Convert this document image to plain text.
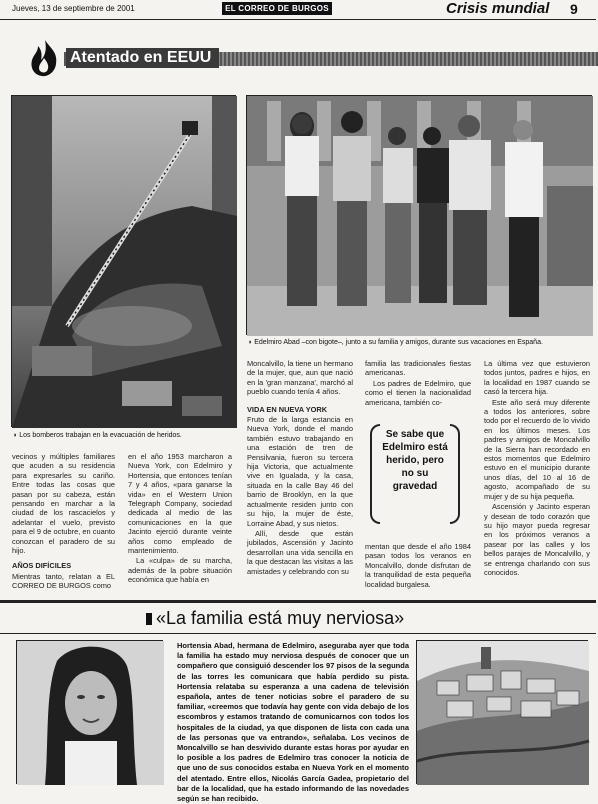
Jueves, 13 de septiembre de 2001	EL CORREO DE BURGOS	Crisis mundial 9
Atentado en EEUU
◗ Los bomberos trabajan en la evacuación de heridos.
◗ Edelmiro Abad –con bigote–, junto a su familia y amigos, durante sus vacaciones en España.

vecinos y múltiples familiares que acuden a su residencia para expresarles su cariño. Entre todas las cosas que pasan por su cabeza, están pensando en marchar a la ciudad de los rascacielos y adelantar el vuelo, previsto para el 9 de octubre, en cuanto conozcan el paradero de su hijo.

AÑOS DIFÍCILES

Mientras tanto, relatan a EL CORREO DE BURGOS como

en el año 1953 marcharon a Nueva York, con Edelmiro y Hortensia, que entonces tenían 7 y 4 años, «para ganarse la vida» en el Western Union Telegraph Company, sociedad dedicada al medio de las comunicaciones en la que Jacinto ejerció durante veinte años como empleado de mantenimiento.

La «culpa» de su marcha, además de la pobre situación económica que había en

Moncalvillo, la tiene un hermano de la mujer, que, aun que nació en la 'gran manzana', marchó al pueblo cuando tenía 4 años.

VIDA EN NUEVA YORK

Fruto de la larga estancia en Nueva York, donde el mando también estuvo trabajando en una estación de tren de Pensilvania, fueron su tercera hija Victoria, que actualmente vive en Igualada, y la casa, situada en la calle Bay 46 del barrio de Brooklyn, en la que actualmente residen junto con su hijo, la mujer de éste, Lorraine Abad, y sus nietos.

Allí, desde que están jubilados, Ascensión y Jacinto desarrollan una vida sencilla en la que destacan las visitas a las amistades y celebrando con su

familia las tradicionales fiestas americanas.

Los padres de Edelmiro, que como el tienen la nacionalidad americana, también co-

Se sabe que Edelmiro está herido, pero no su gravedad

mentan que desde el año 1984 pasan todos los veranos en Moncalvillo, donde disfrutan de la tranquilidad de esta pequeña localidad burgalesa.

La última vez que estuvieron todos juntos, padres e hijos, en la localidad en 1987 cuando se casó la tercera hija.

Este año será muy diferente a todos los anteriores, sobre todo por el recuerdo de lo vivido en los últimos meses. Los padres y amigos de Moncalvillo de la Sierra han recordado en estos momentos que Edelmiro estuvo en el municipio durante unos días, del 10 al 16 de agosto, acompañado de su mujer y de su hija pequeña.

Ascensión y Jacinto esperan y desean de todo corazón que su hijo mayor pueda regresar en los próximos veranos a pasear por las calles y los bellos parajes de Moncalvillo, y se entrenga charlando con sus conocidos.

«La familia está muy nerviosa»
Hortensia Abad, hermana de Edelmiro, aseguraba ayer que toda la familia ha estado muy nerviosa después de conocer que un compañero que consiguió descender los 97 pisos de la segunda de las torres les comunicara que había perdido su pista. Hortensia relataba su esperanza a una cadena de televisión española, antes de tener noticias sobre el paradero de su familiar, «creemos que todavía hay gente con vida debajo de los escombros y estamos tratando de comunicarnos con todos los hospitales de la ciudad, ya que disponen de lista con cada una de las personas que va entrando», señalaba. Los vecinos de Moncalvillo se han desvivido durante estas horas por ayudar en lo posible a los padres de Edelmiro tras conocer la noticia de que uno de sus conocidos estaba en Nueva York en el momento del atentado. Entre ellos, Nicolás García Gadea, propietario del bar de la localidad, que ha estado informando de las novedades según se han recibido.
